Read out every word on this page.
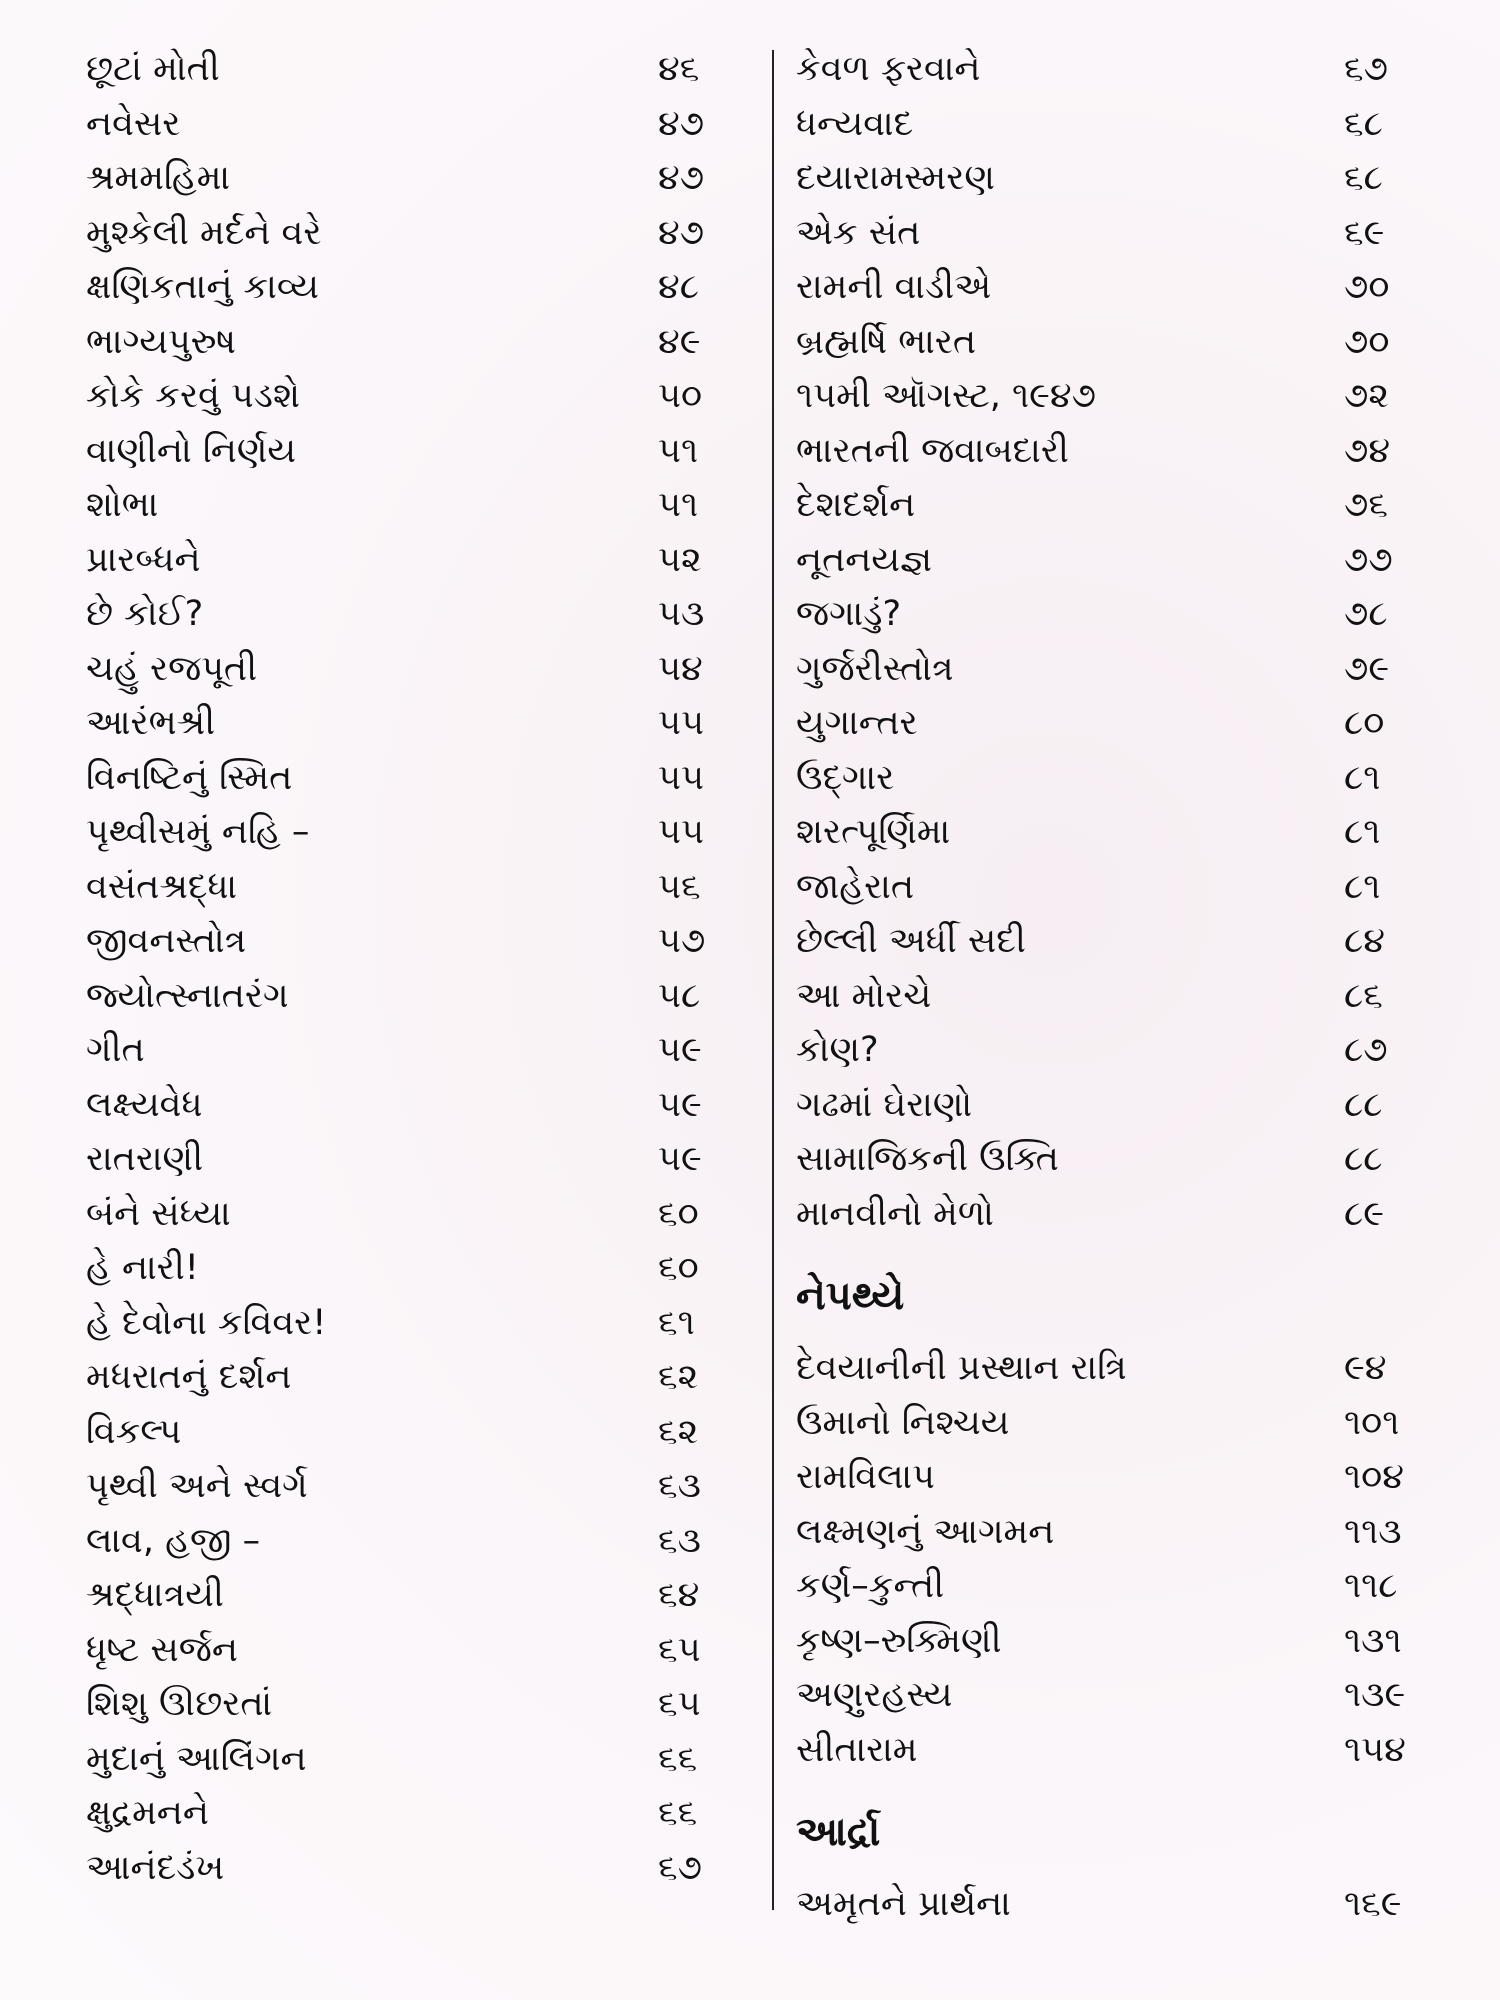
છૂટાં મોતી	૪૬
નવેસર	૪૭
શ્રમમહિમા	૪૭
મુશ્કેલી મર્દને વરે	૪૭
ક્ષણિકતાનું કાવ્ય	૪૮
ભાગ્યપુરુષ	૪૯
કોકે કરવું પડશે	૫૦
વાણીનો નિર્ણય	૫૧
શોભા	૫૧
પ્રારબ્ધને	૫૨
છે કોઈ?	૫૩
ચહું રજપૂતી	૫૪
આરંભશ્રી	૫૫
વિનષ્ટિનું સ્મિત	૫૫
પૃથ્વીસમું નહિ –	૫૫
વસંતશ્રદ્ધા	૫૬
જીવનસ્તોત્ર	૫૭
જ્યોત્સ્નાતરંગ	૫૮
ગીત	૫૯
લક્ષ્યવેધ	૫૯
રાતરાણી	૫૯
બંને સંધ્યા	૬૦
હે નારી!	૬૦
હે દેવોના કવિવર!	૬૧
મધરાતનું દર્શન	૬૨
વિકલ્પ	૬૨
પૃથ્વી અને સ્વર્ગ	૬૩
લાવ, હજી –	૬૩
શ્રદ્ધાત્રયી	૬૪
ધૃષ્ટ સર્જન	૬૫
શિશુ ઊછરતાં	૬૫
મુદાનું આલિંગન	૬૬
ક્ષુદ્રમનને	૬૬
આનંદડંખ	૬૭
કેવળ ફરવાને	૬૭
ધન્યવાદ	૬૮
દયારામસ્મરણ	૬૮
એક સંત	૬૯
રામની વાડીએ	૭૦
બ્રહ્મર્ષિ ભારત	૭૦
૧૫મી ઑગસ્ટ, ૧૯૪૭	૭૨
ભારતની જવાબદારી	૭૪
દેશદર્શન	૭૬
નૂતનયજ્ઞ	૭૭
જગાડું?	૭૮
ગુર્જરીસ્તોત્ર	૭૯
યુગાન્તર	૮૦
ઉદ્‌ગાર	૮૧
શરત્પૂર્ણિમા	૮૧
જાહેરાત	૮૧
છેલ્લી અર્ધી સદી	૮૪
આ મોરચે	૮૬
કોણ?	૮૭
ગઢમાં ઘેરાણો	૮૮
સામાજિકની ઉક્તિ	૮૮
માનવીનો મેળો	૮૯
નેપથ્યે
દેવયાનીની પ્રસ્થાન રાત્રિ	૯૪
ઉમાનો નિશ્ચય	૧૦૧
રામવિલાપ	૧૦૪
લક્ષ્મણનું આગમન	૧૧૩
કર્ણ–કુન્તી	૧૧૮
કૃષ્ણ–રુક્મિણી	૧૩૧
અણુરહસ્ય	૧૩૯
સીતારામ	૧૫૪
આર્દ્રા
અમૃતને પ્રાર્થના	૧૬૯
